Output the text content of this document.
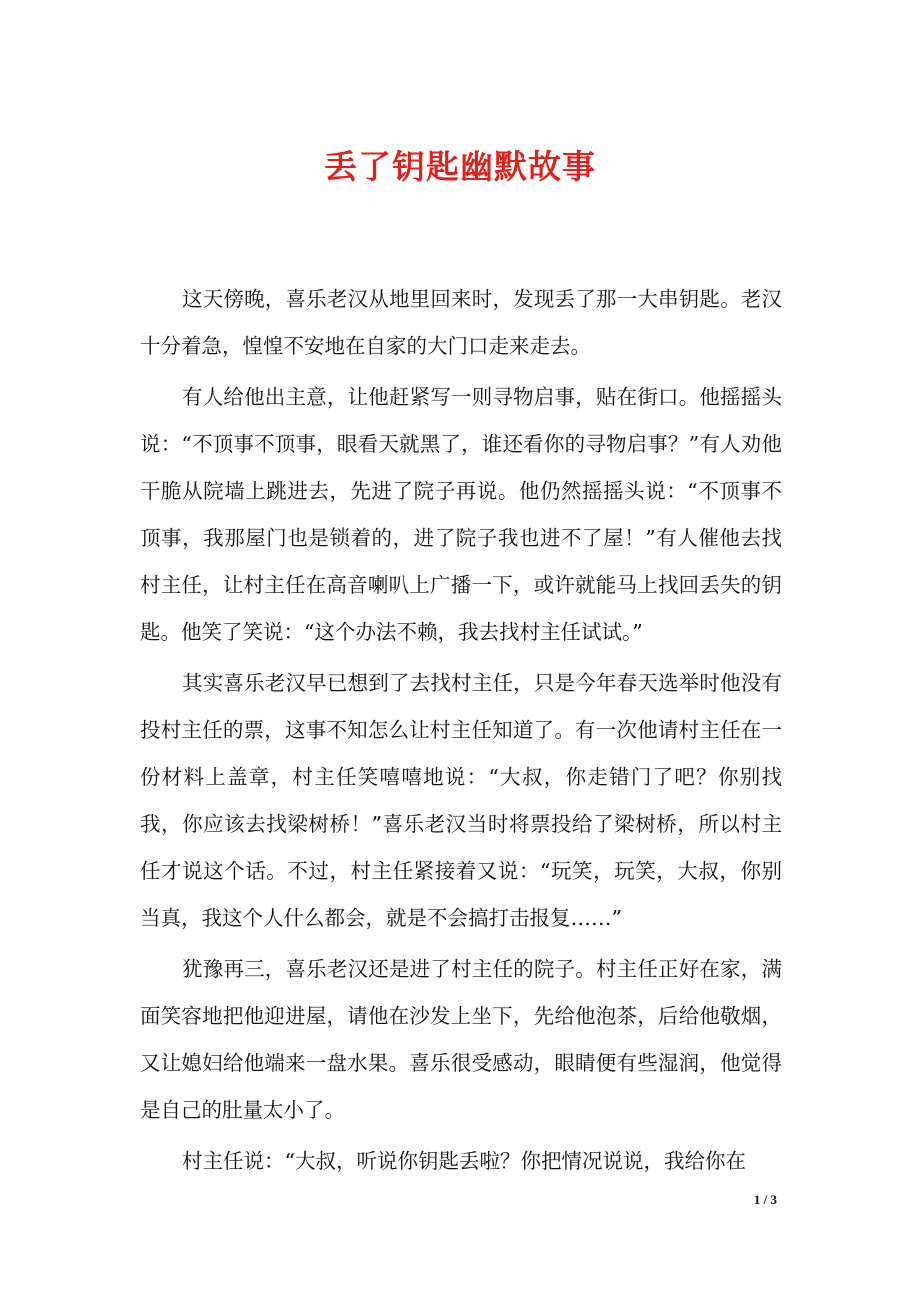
丢了钥匙幽默故事

这天傍晚，喜乐老汉从地里回来时，发现丢了那一大串钥匙。老汉十分着急，惶惶不安地在自家的大门口走来走去。

有人给他出主意，让他赶紧写一则寻物启事，贴在街口。他摇摇头说：“不顶事不顶事，眼看天就黑了，谁还看你的寻物启事？”有人劝他干脆从院墙上跳进去，先进了院子再说。他仍然摇摇头说：“不顶事不顶事，我那屋门也是锁着的，进了院子我也进不了屋！”有人催他去找村主任，让村主任在高音喇叭上广播一下，或许就能马上找回丢失的钥匙。他笑了笑说：“这个办法不赖，我去找村主任试试。”

其实喜乐老汉早已想到了去找村主任，只是今年春天选举时他没有投村主任的票，这事不知怎么让村主任知道了。有一次他请村主任在一份材料上盖章，村主任笑嘻嘻地说：“大叔，你走错门了吧？你别找我，你应该去找梁树桥！”喜乐老汉当时将票投给了梁树桥，所以村主任才说这个话。不过，村主任紧接着又说：“玩笑，玩笑，大叔，你别当真，我这个人什么都会，就是不会搞打击报复……”

犹豫再三，喜乐老汉还是进了村主任的院子。村主任正好在家，满面笑容地把他迎进屋，请他在沙发上坐下，先给他泡茶，后给他敬烟，又让媳妇给他端来一盘水果。喜乐很受感动，眼睛便有些湿润，他觉得是自己的肚量太小了。

村主任说：“大叔，听说你钥匙丢啦？你把情况说说，我给你在

1 / 3
